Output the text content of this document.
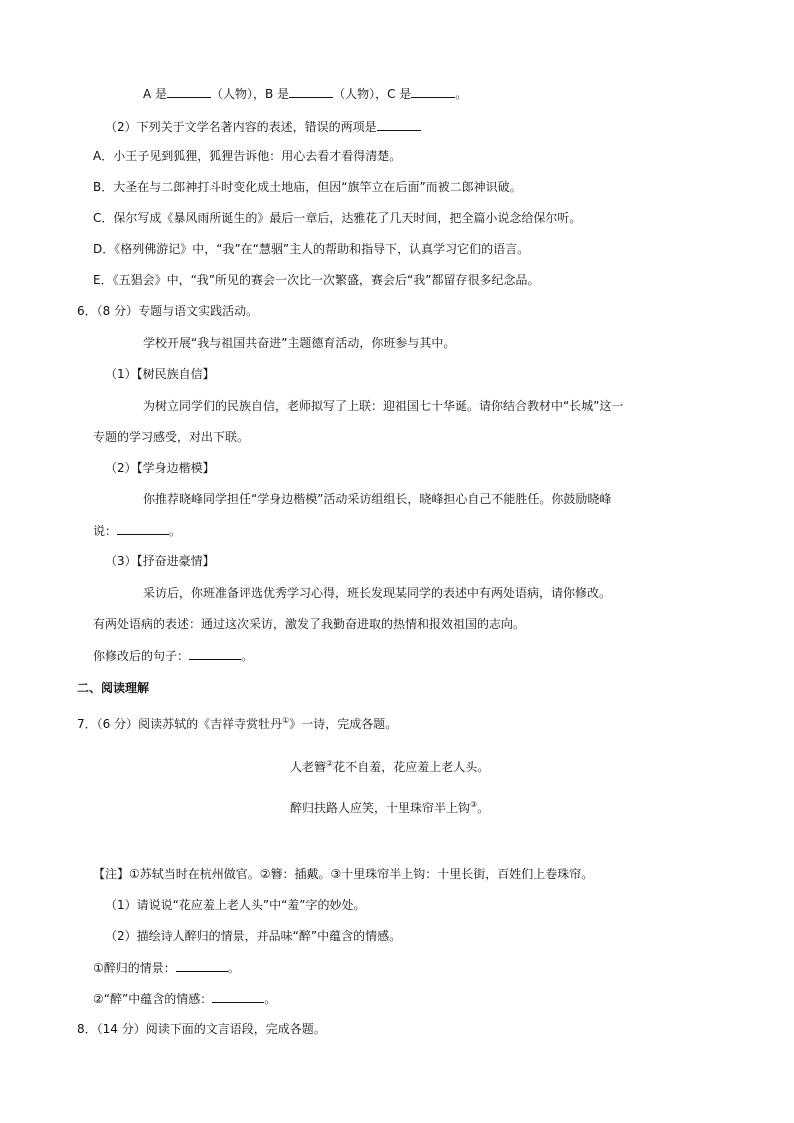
A 是	（人物），B 是	（人物），C 是	。
（2）下列关于文学名著内容的表述，错误的两项是
A．小王子见到狐狸，狐狸告诉他：用心去看才看得清楚。
B．大圣在与二郎神打斗时变化成土地庙，但因“旗竿立在后面”而被二郎神识破。
C．保尔写成《暴风雨所诞生的》最后一章后，达雅花了几天时间，把全篇小说念给保尔听。
D．《格列佛游记》中，“我”在“慧骃”主人的帮助和指导下，认真学习它们的语言。
E．《五猖会》中，“我”所见的赛会一次比一次繁盛，赛会后“我”都留存很多纪念品。
6．（8 分）专题与语文实践活动。
学校开展“我与祖国共奋进”主题德育活动，你班参与其中。
（1）【树民族自信】
为树立同学们的民族自信，老师拟写了上联：迎祖国七十华诞。请你结合教材中“长城”这一
专题的学习感受，对出下联。
（2）【学身边楷模】
你推荐晓峰同学担任“学身边楷模”活动采访组组长，晓峰担心自己不能胜任。你鼓励晓峰
说：	。
（3）【抒奋进豪情】
采访后，你班准备评选优秀学习心得，班长发现某同学的表述中有两处语病，请你修改。
有两处语病的表述：通过这次采访，激发了我勤奋进取的热情和报效祖国的志向。
你修改后的句子：	。
二、阅读理解
7．（6 分）阅读苏轼的《吉祥寺赏牡丹①》一诗，完成各题。
人老簪②花不自羞，花应羞上老人头。
醉归扶路人应笑，十里珠帘半上钩③。
【注】①苏轼当时在杭州做官。②簪：插戴。③十里珠帘半上钩：十里长街，百姓们上卷珠帘。
（1）请说说“花应羞上老人头”中“羞”字的妙处。
（2）描绘诗人醉归的情景，并品味“醉”中蕴含的情感。
①醉归的情景：	。
②“醉”中蕴含的情感：	。
8．（14 分）阅读下面的文言语段，完成各题。
